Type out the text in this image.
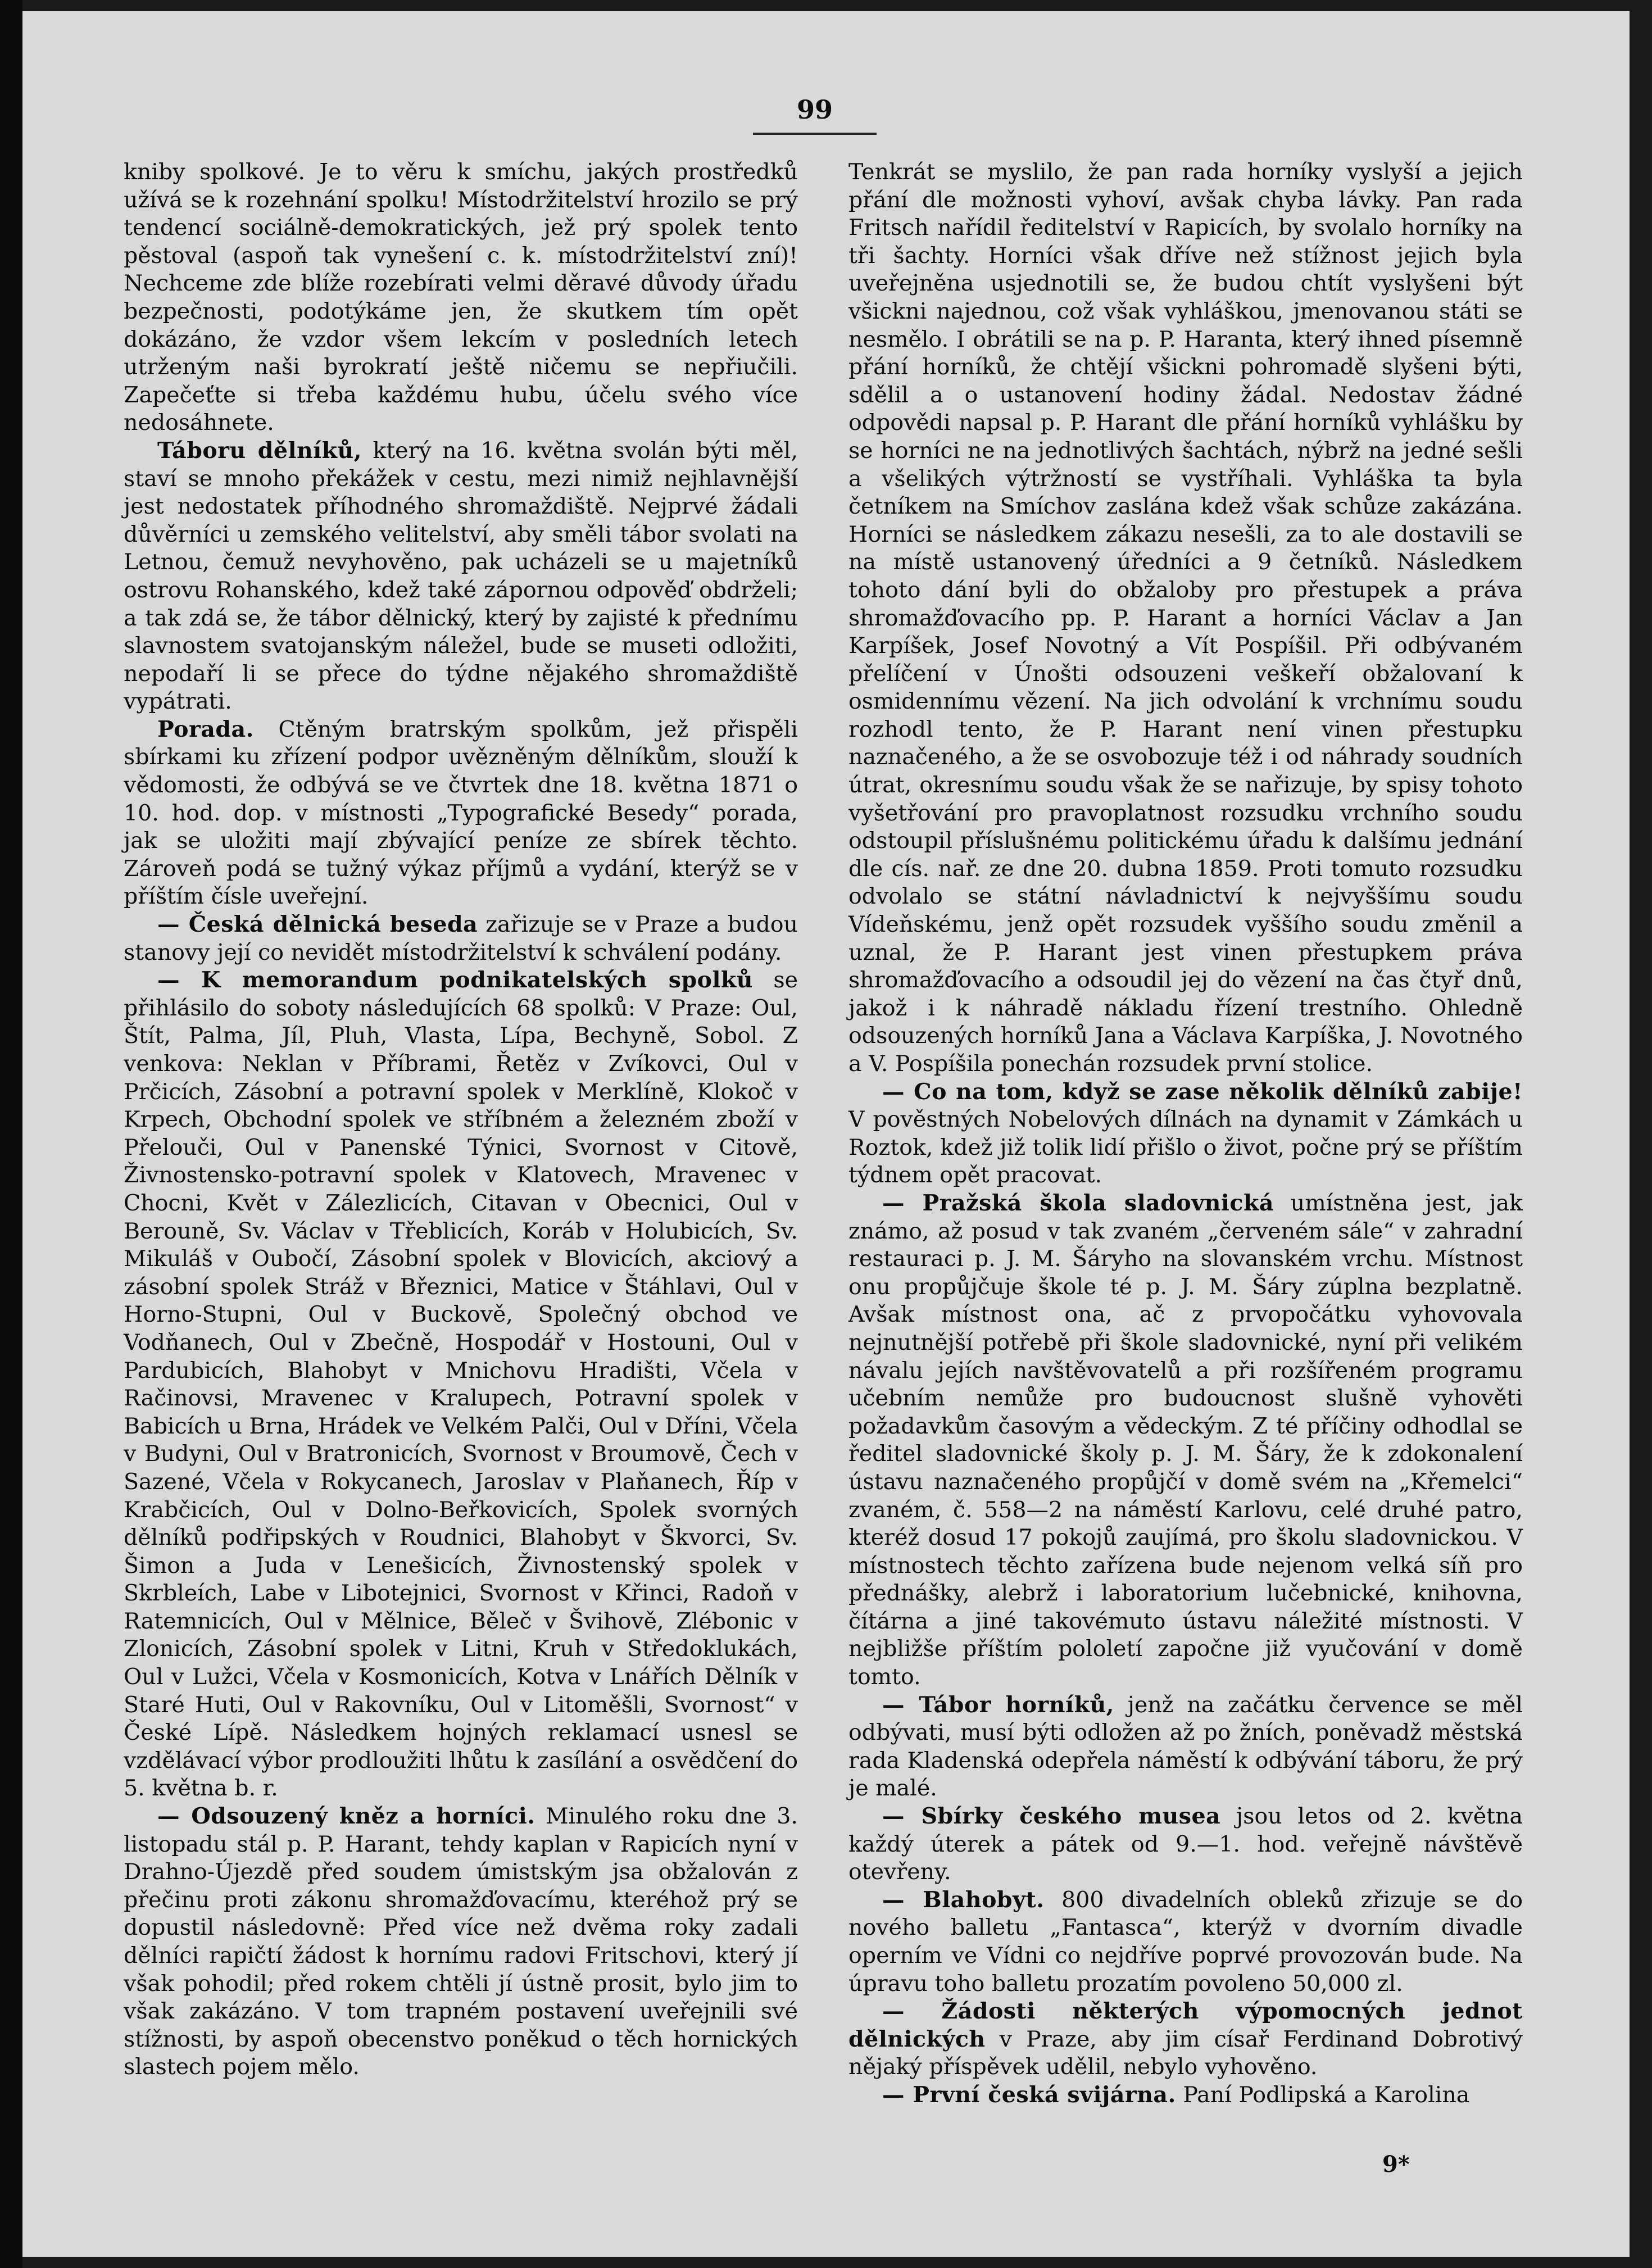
99

kniby spolkové. Je to věru k smíchu, jakých prostředků užívá se k rozehnání spolku! Místodržitelství hrozilo se prý tendencí sociálně-demokratických, jež prý spolek tento pěstoval (aspoň tak vynešení c. k. místodržitelství zní)! Nechceme zde blíže rozebírati velmi děravé důvody úřadu bezpečnosti, podotýkáme jen, že skutkem tím opět dokázáno, že vzdor všem lekcím v posledních letech utrženým naši byrokratí ještě ničemu se nepřiučili. Zapečeťte si třeba každému hubu, účelu svého více nedosáhnete.

Táboru dělníků, který na 16. května svolán býti měl, staví se mnoho překážek v cestu, mezi nimiž nejhlavnější jest nedostatek příhodného shromaždiště. Nejprvé žádali důvěrníci u zemského velitelství, aby směli tábor svolati na Letnou, čemuž nevyhověno, pak ucházeli se u majetníků ostrovu Rohanského, kdež také zápornou odpověď obdrželi; a tak zdá se, že tábor dělnický, který by zajisté k přednímu slavnostem svatojanským náležel, bude se museti odložiti, nepodaří li se přece do týdne nějakého shromaždiště vypátrati.

Porada. Ctěným bratrským spolkům, jež přispěli sbírkami ku zřízení podpor uvězněným dělníkům, slouží k vědomosti, že odbývá se ve čtvrtek dne 18. května 1871 o 10. hod. dop. v místnosti „Typografické Besedy“ porada, jak se uložiti mají zbývající peníze ze sbírek těchto. Zároveň podá se tužný výkaz příjmů a vydání, kterýž se v příštím čísle uveřejní.

— Česká dělnická beseda zařizuje se v Praze a budou stanovy její co nevidět místodržitelství k schválení podány.

— K memorandum podnikatelských spolků se přihlásilo do soboty následujících 68 spolků: V Praze: Oul, Štít, Palma, Jíl, Pluh, Vlasta, Lípa, Bechyně, Sobol. Z venkova: Neklan v Příbrami, Řetěz v Zvíkovci, Oul v Prčicích, Zásobní a potravní spolek v Merklíně, Klokoč v Krpech, Obchodní spolek ve stříbném a železném zboží v Přelouči, Oul v Panenské Týnici, Svornost v Citově, Živnostensko-potravní spolek v Klatovech, Mravenec v Chocni, Květ v Zálezlicích, Citavan v Obecnici, Oul v Berouně, Sv. Václav v Třeblicích, Koráb v Holubicích, Sv. Mikuláš v Oubočí, Zásobní spolek v Blovicích, akciový a zásobní spolek Stráž v Březnici, Matice v Štáhlavi, Oul v Horno-Stupni, Oul v Buckově, Společný obchod ve Vodňanech, Oul v Zbečně, Hospodář v Hostouni, Oul v Pardubicích, Blahobyt v Mnichovu Hradišti, Včela v Račinovsi, Mravenec v Kralupech, Potravní spolek v Babicích u Brna, Hrádek ve Velkém Palči, Oul v Dříni, Včela v Budyni, Oul v Bratronicích, Svornost v Broumově, Čech v Sazené, Včela v Rokycanech, Jaroslav v Plaňanech, Říp v Krabčicích, Oul v Dolno-Beřkovicích, Spolek svorných dělníků podřipských v Roudnici, Blahobyt v Škvorci, Sv. Šimon a Juda v Lenešicích, Živnostenský spolek v Skrbleích, Labe v Libotejnici, Svornost v Křinci, Radoň v Ratemnicích, Oul v Mělnice, Běleč v Švihově, Zlébonic v Zlonicích, Zásobní spolek v Litni, Kruh v Středoklukách, Oul v Lužci, Včela v Kosmonicích, Kotva v Lnářích Dělník v Staré Huti, Oul v Rakovníku, Oul v Litoměšli, Svornost“ v České Lípě. Následkem hojných reklamací usnesl se vzdělávací výbor prodloužiti lhůtu k zasílání a osvědčení do 5. května b. r.

— Odsouzený kněz a horníci. Minulého roku dne 3. listopadu stál p. P. Harant, tehdy kaplan v Rapicích nyní v Drahno-Újezdě před soudem úmistským jsa obžalován z přečinu proti zákonu shromažďovacímu, kteréhož prý se dopustil následovně: Před více než dvěma roky zadali dělníci rapičtí žádost k hornímu radovi Fritschovi, který jí však pohodil; před rokem chtěli jí ústně prosit, bylo jim to však zakázáno. V tom trapném postavení uveřejnili své stížnosti, by aspoň obecenstvo poněkud o těch hornických slastech pojem mělo.

Tenkrát se myslilo, že pan rada horníky vyslyší a jejich přání dle možnosti vyhoví, avšak chyba lávky. Pan rada Fritsch nařídil ředitelství v Rapicích, by svolalo horníky na tři šachty. Horníci však dříve než stížnost jejich byla uveřejněna usjednotili se, že budou chtít vyslyšeni být všickni najednou, což však vyhláškou, jmenovanou státi se nesmělo. I obrátili se na p. P. Haranta, který ihned písemně přání horníků, že chtějí všickni pohromadě slyšeni býti, sdělil a o ustanovení hodiny žádal. Nedostav žádné odpovědi napsal p. P. Harant dle přání horníků vyhlášku by se horníci ne na jednotlivých šachtách, nýbrž na jedné sešli a všelikých výtržností se vystříhali. Vyhláška ta byla četníkem na Smíchov zaslána kdež však schůze zakázána. Horníci se následkem zákazu nesešli, za to ale dostavili se na místě ustanovený úředníci a 9 četníků. Následkem tohoto dání byli do obžaloby pro přestupek a práva shromažďovacího pp. P. Harant a horníci Václav a Jan Karpíšek, Josef Novotný a Vít Pospíšil. Při odbývaném přelíčení v Únošti odsouzeni veškeří obžalovaní k osmidennímu vězení. Na jich odvolání k vrchnímu soudu rozhodl tento, že P. Harant není vinen přestupku naznačeného, a že se osvobozuje též i od náhrady soudních útrat, okresnímu soudu však že se nařizuje, by spisy tohoto vyšetřování pro pravoplatnost rozsudku vrchního soudu odstoupil příslušnému politickému úřadu k dalšímu jednání dle cís. nař. ze dne 20. dubna 1859. Proti tomuto rozsudku odvolalo se státní návladnictví k nejvyššímu soudu Vídeňskému, jenž opět rozsudek vyššího soudu změnil a uznal, že P. Harant jest vinen přestupkem práva shromažďovacího a odsoudil jej do vězení na čas čtyř dnů, jakož i k náhradě nákladu řízení trestního. Ohledně odsouzených horníků Jana a Václava Karpíška, J. Novotného a V. Pospíšila ponechán rozsudek první stolice.

— Co na tom, když se zase několik dělníků zabije! V pověstných Nobelových dílnách na dynamit v Zámkách u Roztok, kdež již tolik lidí přišlo o život, počne prý se příštím týdnem opět pracovat.

— Pražská škola sladovnická umístněna jest, jak známo, až posud v tak zvaném „červeném sále“ v zahradní restauraci p. J. M. Šáryho na slovanském vrchu. Místnost onu propůjčuje škole té p. J. M. Šáry zúplna bezplatně. Avšak místnost ona, ač z prvopočátku vyhovovala nejnutnější potřebě při škole sladovnické, nyní při velikém návalu jejích navštěvovatelů a při rozšířeném programu učebním nemůže pro budoucnost slušně vyhověti požadavkům časovým a vědeckým. Z té příčiny odhodlal se ředitel sladovnické školy p. J. M. Šáry, že k zdokonalení ústavu naznačeného propůjčí v domě svém na „Křemelci“ zvaném, č. 558—2 na náměstí Karlovu, celé druhé patro, kteréž dosud 17 pokojů zaujímá, pro školu sladovnickou. V místnostech těchto zařízena bude nejenom velká síň pro přednášky, alebrž i laboratorium lučebnické, knihovna, čítárna a jiné takovémuto ústavu náležité místnosti. V nejbližše příštím pololetí započne již vyučování v domě tomto.

— Tábor horníků, jenž na začátku července se měl odbývati, musí býti odložen až po žních, poněvadž městská rada Kladenská odepřela náměstí k odbývání táboru, že prý je malé.

— Sbírky českého musea jsou letos od 2. května každý úterek a pátek od 9.—1. hod. veřejně návštěvě otevřeny.

— Blahobyt. 800 divadelních obleků zřizuje se do nového balletu „Fantasca“, kterýž v dvorním divadle operním ve Vídni co nejdříve poprvé provozován bude. Na úpravu toho balletu prozatím povoleno 50,000 zl.

— Žádosti některých výpomocných jednot dělnických v Praze, aby jim císař Ferdinand Dobrotivý nějaký příspěvek udělil, nebylo vyhověno.

— První česká svijárna. Paní Podlipská a Karolina

9*
